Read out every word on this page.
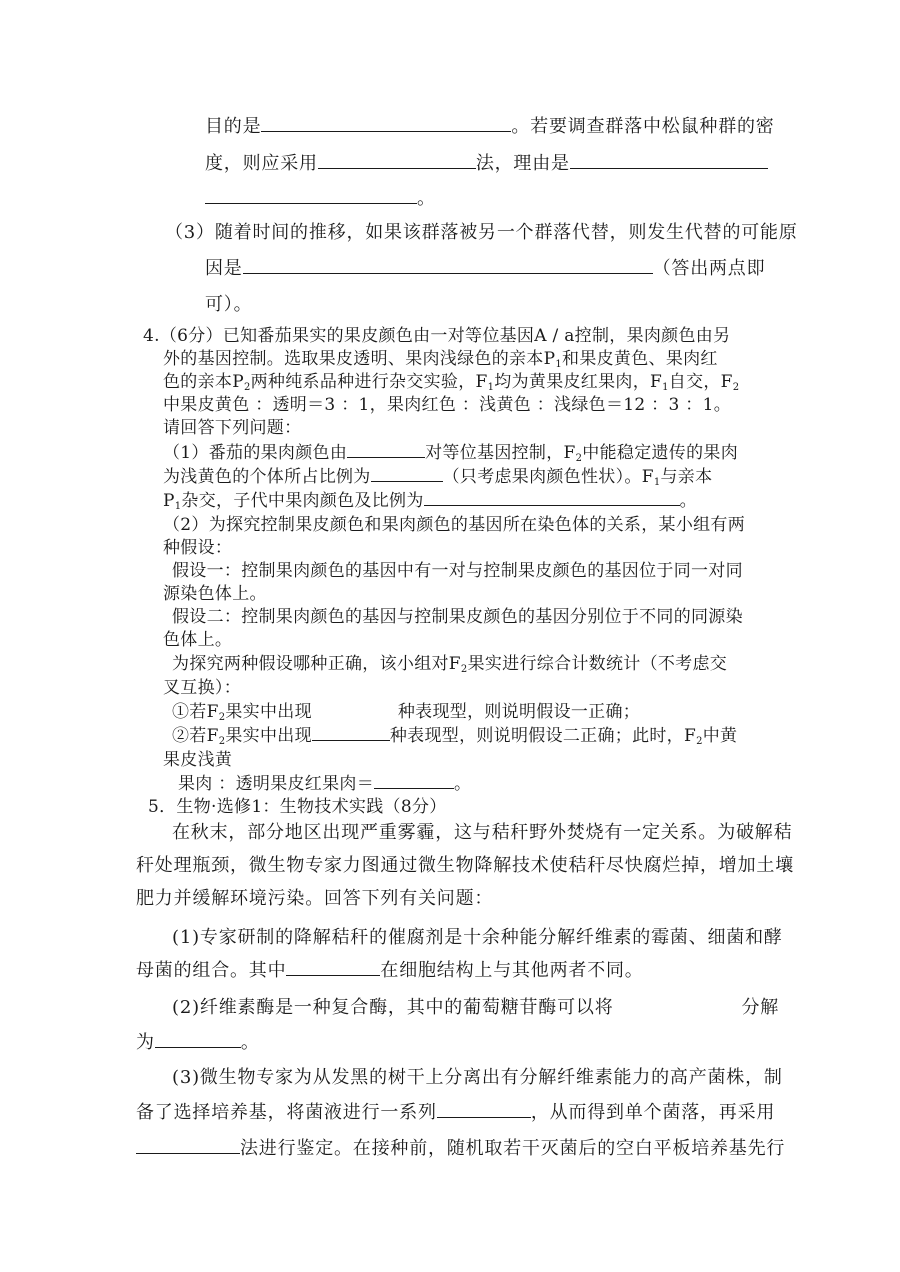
目的是	。若要调查群落中松鼠种群的密
度，则应采用	法，理由是
。
（3）随着时间的推移，如果该群落被另一个群落代替，则发生代替的可能原
因是	（答出两点即
可）。
4.（6分）已知番茄果实的果皮颜色由一对等位基因A / a控制，果肉颜色由另
外的基因控制。选取果皮透明、果肉浅绿色的亲本$P_1$和果皮黄色、果肉红
色的亲本$P_2$两种纯系品种进行杂交实验，$F_1$均为黄果皮红果肉，$F_1$自交，$F_2$
中果皮黄色 ：透明＝3 ：1，果肉红色 ：浅黄色 ：浅绿色＝12 ：3 ：1。
请回答下列问题：
（1）番茄的果肉颜色由	对等位基因控制，$F_2$中能稳定遗传的果肉
为浅黄色的个体所占比例为	（只考虑果肉颜色性状）。$F_1$与亲本
$P_1$杂交，子代中果肉颜色及比例为	。
（2）为探究控制果皮颜色和果肉颜色的基因所在染色体的关系，某小组有两
种假设：
假设一：控制果肉颜色的基因中有一对与控制果皮颜色的基因位于同一对同
源染色体上。
假设二：控制果肉颜色的基因与控制果皮颜色的基因分别位于不同的同源染
色体上。
为探究两种假设哪种正确，该小组对$F_2$果实进行综合计数统计（不考虑交
叉互换）：
①若$F_2$果实中出现	种表现型，则说明假设一正确；
②若$F_2$果实中出现	种表现型，则说明假设二正确；此时，$F_2$中黄
果皮浅黄
果肉 ：透明果皮红果肉＝	。
5．生物·选修1：生物技术实践（8分）
在秋末，部分地区出现严重雾霾，这与秸秆野外焚烧有一定关系。为破解秸
秆处理瓶颈，微生物专家力图通过微生物降解技术使秸秆尽快腐烂掉，增加土壤
肥力并缓解环境污染。回答下列有关问题：
(1)专家研制的降解秸秆的催腐剂是十余种能分解纤维素的霉菌、细菌和酵
母菌的组合。其中	在细胞结构上与其他两者不同。
(2)纤维素酶是一种复合酶，其中的葡萄糖苷酶可以将	分解
为	。
(3)微生物专家为从发黑的树干上分离出有分解纤维素能力的高产菌株，制
备了选择培养基，将菌液进行一系列	，从而得到单个菌落，再采用
法进行鉴定。在接种前，随机取若干灭菌后的空白平板培养基先行
